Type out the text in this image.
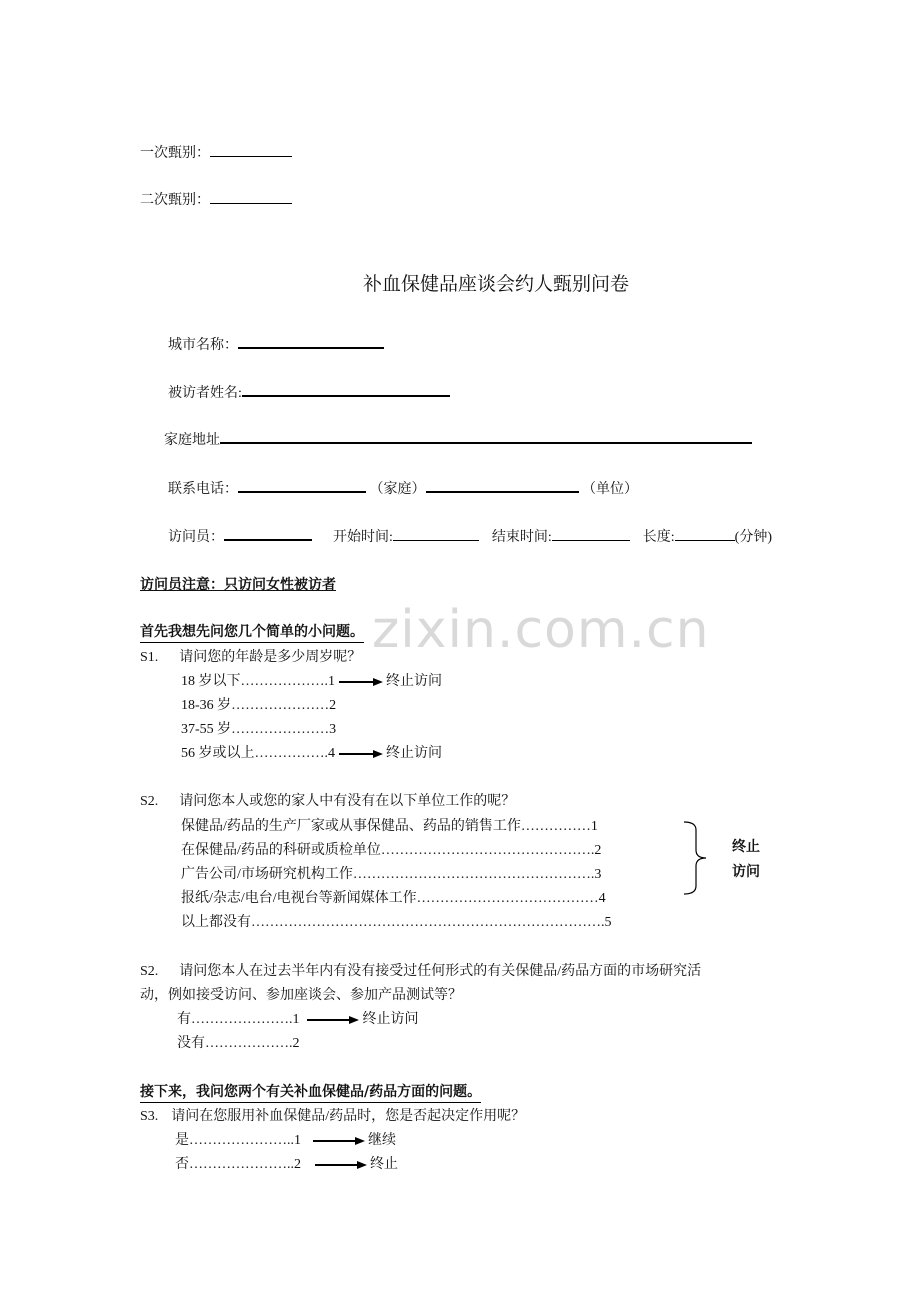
一次甄别：
二次甄别：
补血保健品座谈会约人甄别问卷
城市名称：
被访者姓名:
家庭地址
联系电话：	（家庭）	（单位）
访问员：	开始时间:	结束时间:	长度:	(分钟)
访问员注意：只访问女性被访者
zixin.com.cn
首先我想先问您几个简单的小问题。
S1. 请问您的年龄是多少周岁呢？
18 岁以下……………….1	终止访问
18-36 岁…………………2
37-55 岁…………………3
56 岁或以上…………….4	终止访问
S2. 请问您本人或您的家人中有没有在以下单位工作的呢？
保健品/药品的生产厂家或从事保健品、药品的销售工作……………1
在保健品/药品的科研或质检单位……………………………………….2
广告公司/市场研究机构工作…………………………………………….3
报纸/杂志/电台/电视台等新闻媒体工作…………………………………4
以上都没有………………………………………………………………….5
终止
访问
S2. 请问您本人在过去半年内有没有接受过任何形式的有关保健品/药品方面的市场研究活
动，例如接受访问、参加座谈会、参加产品测试等？
有………………….1	终止访问
没有……………….2
接下来，我问您两个有关补血保健品/药品方面的问题。
S3. 请问在您服用补血保健品/药品时，您是否起决定作用呢？
是…………………..1	继续
否…………………..2	终止
